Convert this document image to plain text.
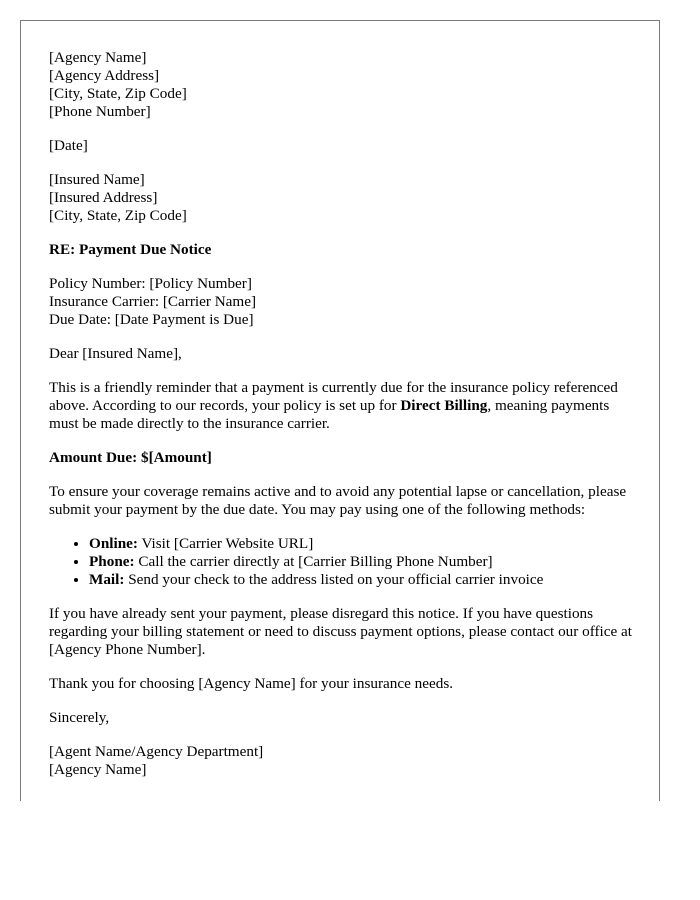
[Agency Name]
[Agency Address]
[City, State, Zip Code]
[Phone Number]

[Date]

[Insured Name]
[Insured Address]
[City, State, Zip Code]

RE: Payment Due Notice

Policy Number: [Policy Number]
Insurance Carrier: [Carrier Name]
Due Date: [Date Payment is Due]

Dear [Insured Name],

This is a friendly reminder that a payment is currently due for the insurance policy referenced above. According to our records, your policy is set up for Direct Billing, meaning payments must be made directly to the insurance carrier.

Amount Due: $[Amount]

To ensure your coverage remains active and to avoid any potential lapse or cancellation, please submit your payment by the due date. You may pay using one of the following methods:

• Online: Visit [Carrier Website URL]
• Phone: Call the carrier directly at [Carrier Billing Phone Number]
• Mail: Send your check to the address listed on your official carrier invoice

If you have already sent your payment, please disregard this notice. If you have questions regarding your billing statement or need to discuss payment options, please contact our office at [Agency Phone Number].

Thank you for choosing [Agency Name] for your insurance needs.

Sincerely,

[Agent Name/Agency Department]
[Agency Name]
